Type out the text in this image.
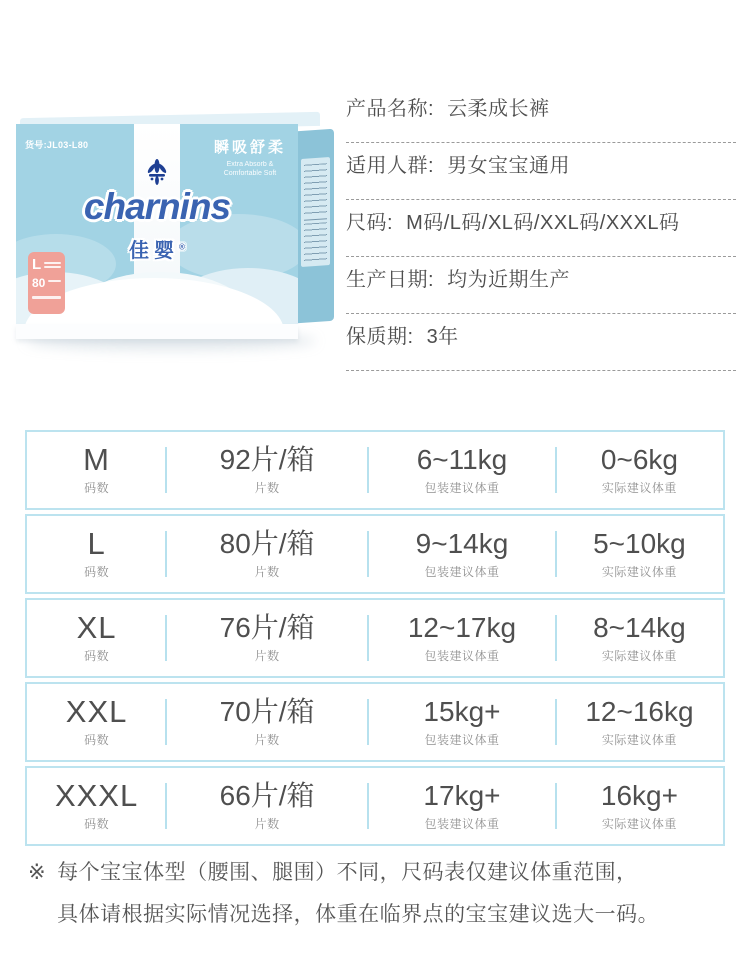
货号:JL03-L80	瞬吸舒柔
Extra Absorb &
Comfortable Soft
charnins
佳婴®
L
80
产品名称: 云柔成长裤
适用人群: 男女宝宝通用
尺码: M码/L码/XL码/XXL码/XXXL码
生产日期: 均为近期生产
保质期: 3年
M
码数
92片/箱
片数
6~11kg
包装建议体重
0~6kg
实际建议体重
L
码数
80片/箱
片数
9~14kg
包装建议体重
5~10kg
实际建议体重
XL
码数
76片/箱
片数
12~17kg
包装建议体重
8~14kg
实际建议体重
XXL
码数
70片/箱
片数
15kg+
包装建议体重
12~16kg
实际建议体重
XXXL
码数
66片/箱
片数
17kg+
包装建议体重
16kg+
实际建议体重
※ 每个宝宝体型（腰围、腿围）不同，尺码表仅建议体重范围，
具体请根据实际情况选择，体重在临界点的宝宝建议选大一码。
